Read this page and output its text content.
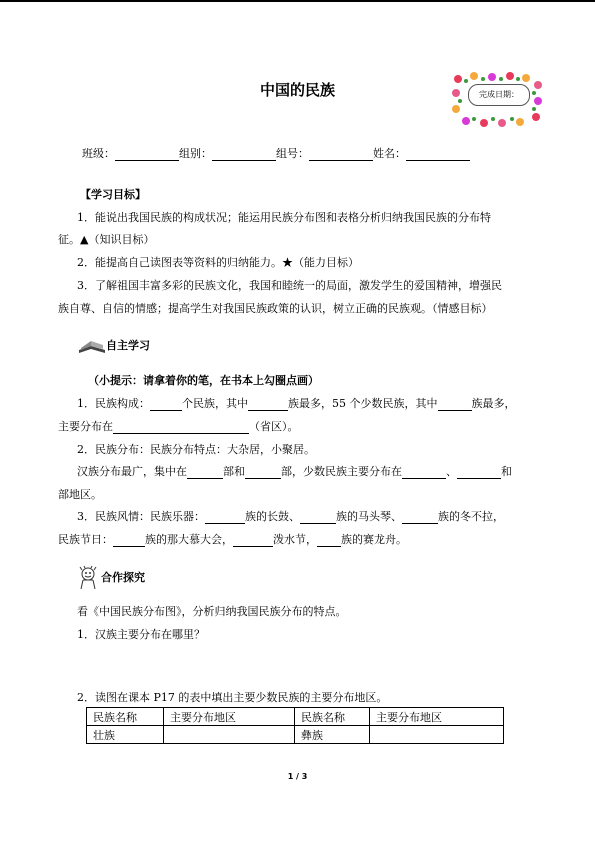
中国的民族	完成日期：
班级：	组别：	组号：	姓名：

【学习目标】

1．能说出我国民族的构成状况；能运用民族分布图和表格分析归纳我国民族的分布特

征。▲（知识目标）

2．能提高自己读图表等资料的归纳能力。★（能力目标）

3．了解祖国丰富多彩的民族文化，我国和睦统一的局面，激发学生的爱国精神，增强民

族自尊、自信的情感；提高学生对我国民族政策的认识，树立正确的民族观。（情感目标）

自主学习

（小提示：请拿着你的笔，在书本上勾圈点画）

1．民族构成：	个民族，其中	族最多，55 个少数民族，其中	族最多，

主要分布在	（省区）。

2．民族分布：民族分布特点：大杂居，小聚居。

汉族分布最广，集中在	部和	部，少数民族主要分布在	、	和

部地区。

3．民族风情：民族乐器：	族的长鼓、	族的马头琴、	族的冬不拉，

民族节日：	族的那大慕大会，	泼水节， 族的赛龙舟。

合作探究

看《中国民族分布图》，分析归纳我国民族分布的特点。

1．汉族主要分布在哪里？

2．读图在课本 P17 的表中填出主要少数民族的主要分布地区。

民族名称	主要分布地区	民族名称	主要分布地区
壮族		彝族	
1 / 3
